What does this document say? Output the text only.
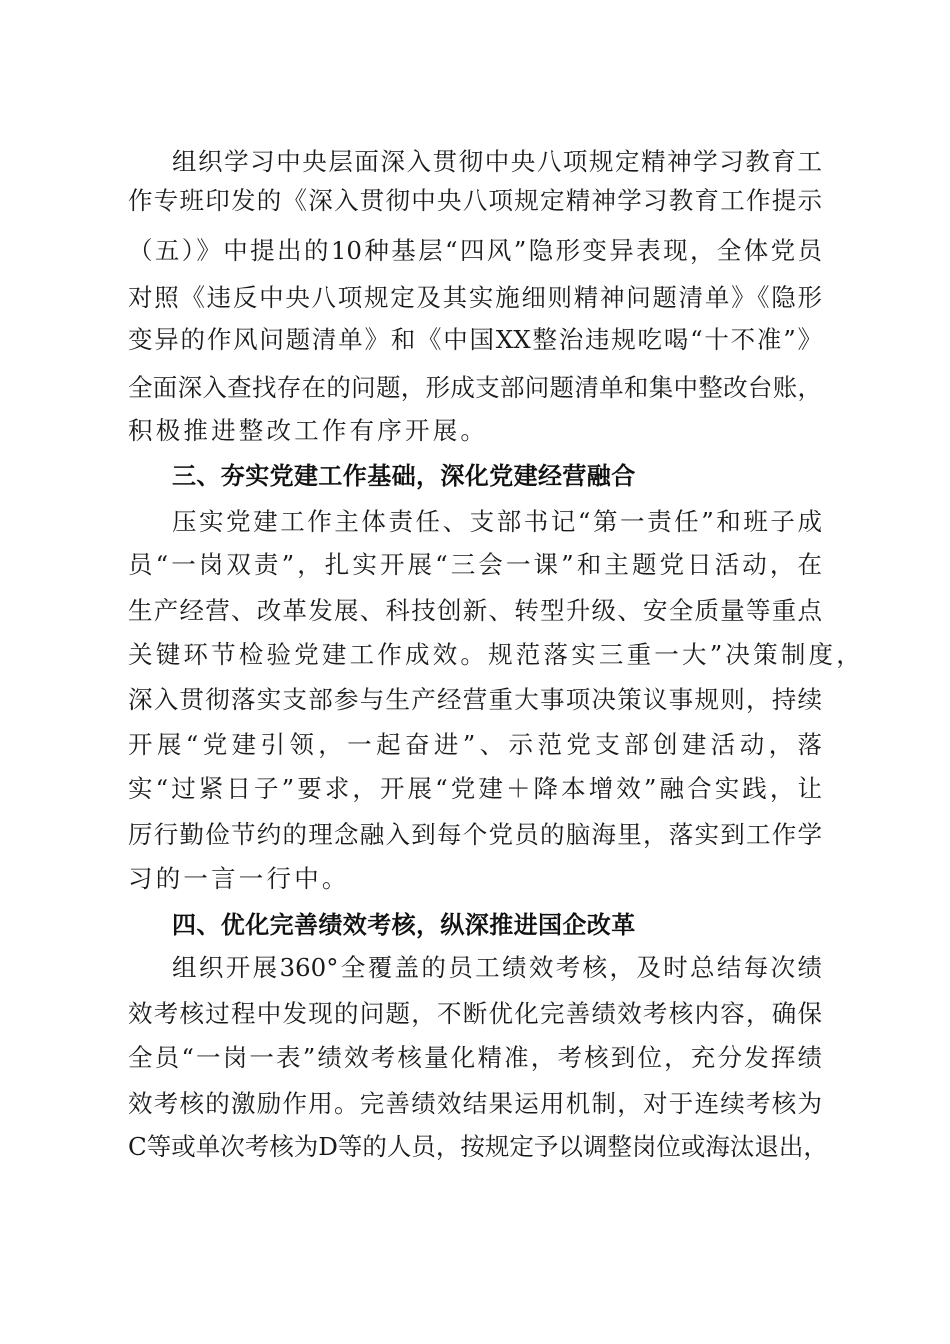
组织学习中央层面深入贯彻中央八项规定精神学习教育工
作专班印发的《深入贯彻中央八项规定精神学习教育工作提示
（五）》中提出的10种基层“四风”隐形变异表现，全体党员
对照《违反中央八项规定及其实施细则精神问题清单》《隐形
变异的作风问题清单》和《中国XX整治违规吃喝“十不准”》
全面深入查找存在的问题，形成支部问题清单和集中整改台账，
积极推进整改工作有序开展。
三、夯实党建工作基础，深化党建经营融合
压实党建工作主体责任、支部书记“第一责任”和班子成
员“一岗双责”，扎实开展“三会一课”和主题党日活动，在
生产经营、改革发展、科技创新、转型升级、安全质量等重点
关键环节检验党建工作成效。规范落实三重一大”决策制度，
深入贯彻落实支部参与生产经营重大事项决策议事规则，持续
开展“党建引领，一起奋进”、示范党支部创建活动，落
实“过紧日子”要求，开展“党建＋降本增效”融合实践，让
厉行勤俭节约的理念融入到每个党员的脑海里，落实到工作学
习的一言一行中。
四、优化完善绩效考核，纵深推进国企改革
组织开展360°全覆盖的员工绩效考核，及时总结每次绩
效考核过程中发现的问题，不断优化完善绩效考核内容，确保
全员“一岗一表”绩效考核量化精准，考核到位，充分发挥绩
效考核的激励作用。完善绩效结果运用机制，对于连续考核为
C等或单次考核为D等的人员，按规定予以调整岗位或海汰退出，
